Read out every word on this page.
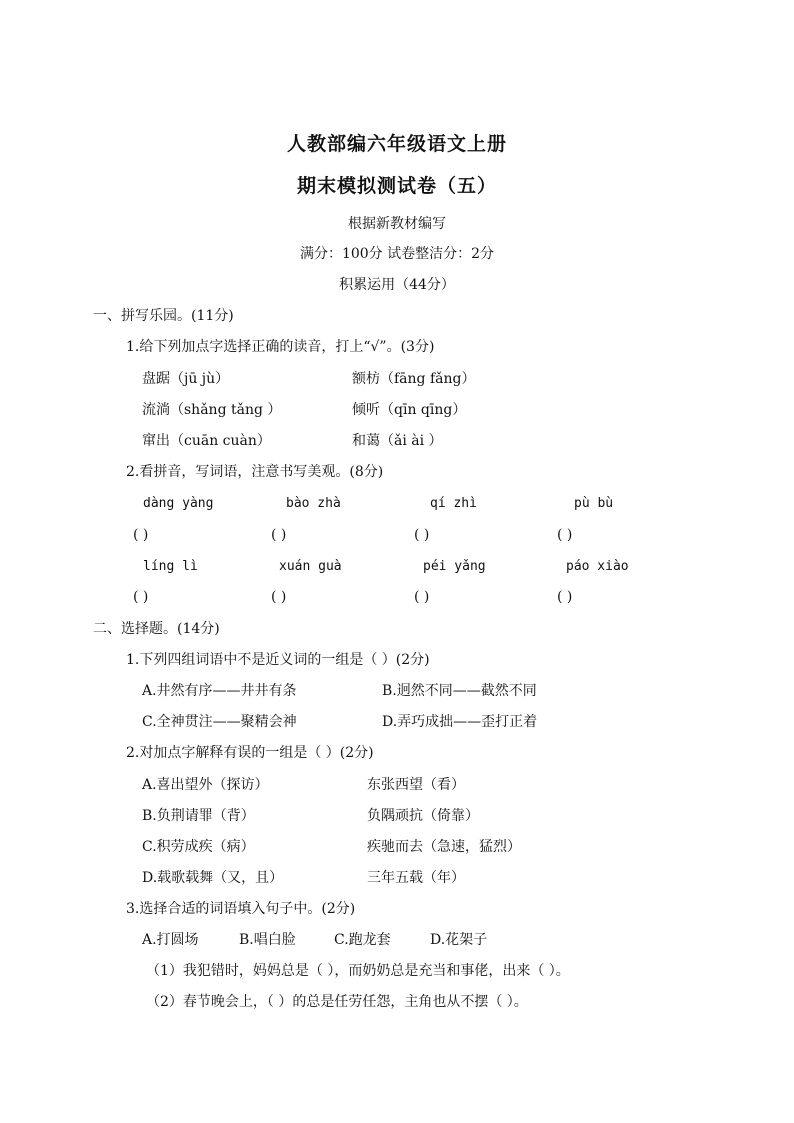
人教部编六年级语文上册
期末模拟测试卷（五）
根据新教材编写
满分：100分 试卷整洁分：2分
积累运用（44分）
一、拼写乐园。(11分)
1.给下列加点字选择正确的读音，打上“√”。(3分)
盘踞（jū jù）	额枋（fāng fǎng）
流淌（shǎng tǎng ）	倾听（qīn qīng）
窜出（cuān cuàn）	和蔼（ǎi ài ）
2.看拼音，写词语，注意书写美观。(8分)
dàng yàng	bào zhà	qí zhì	pù bù
( )	( )	( )	( )
líng lì	xuán guà	péi yǎng	páo xiào
( )	( )	( )	( )
二、选择题。(14分)
1.下列四组词语中不是近义词的一组是（ ）(2分)
A.井然有序——井井有条	B.迥然不同——截然不同
C.全神贯注——聚精会神	D.弄巧成拙——歪打正着
2.对加点字解释有误的一组是（ ）(2分)
A.喜出望外（探访）	东张西望（看）
B.负荆请罪（背）	负隅顽抗（倚靠）
C.积劳成疾（病）	疾驰而去（急速，猛烈）
D.载歌载舞（又，且）	三年五载（年）
3.选择合适的词语填入句子中。(2分)
A.打圆场	B.唱白脸	C.跑龙套	D.花架子
（1）我犯错时，妈妈总是（ ），而奶奶总是充当和事佬，出来（ ）。
（2）春节晚会上，（ ）的总是任劳任怨，主角也从不摆（ ）。
